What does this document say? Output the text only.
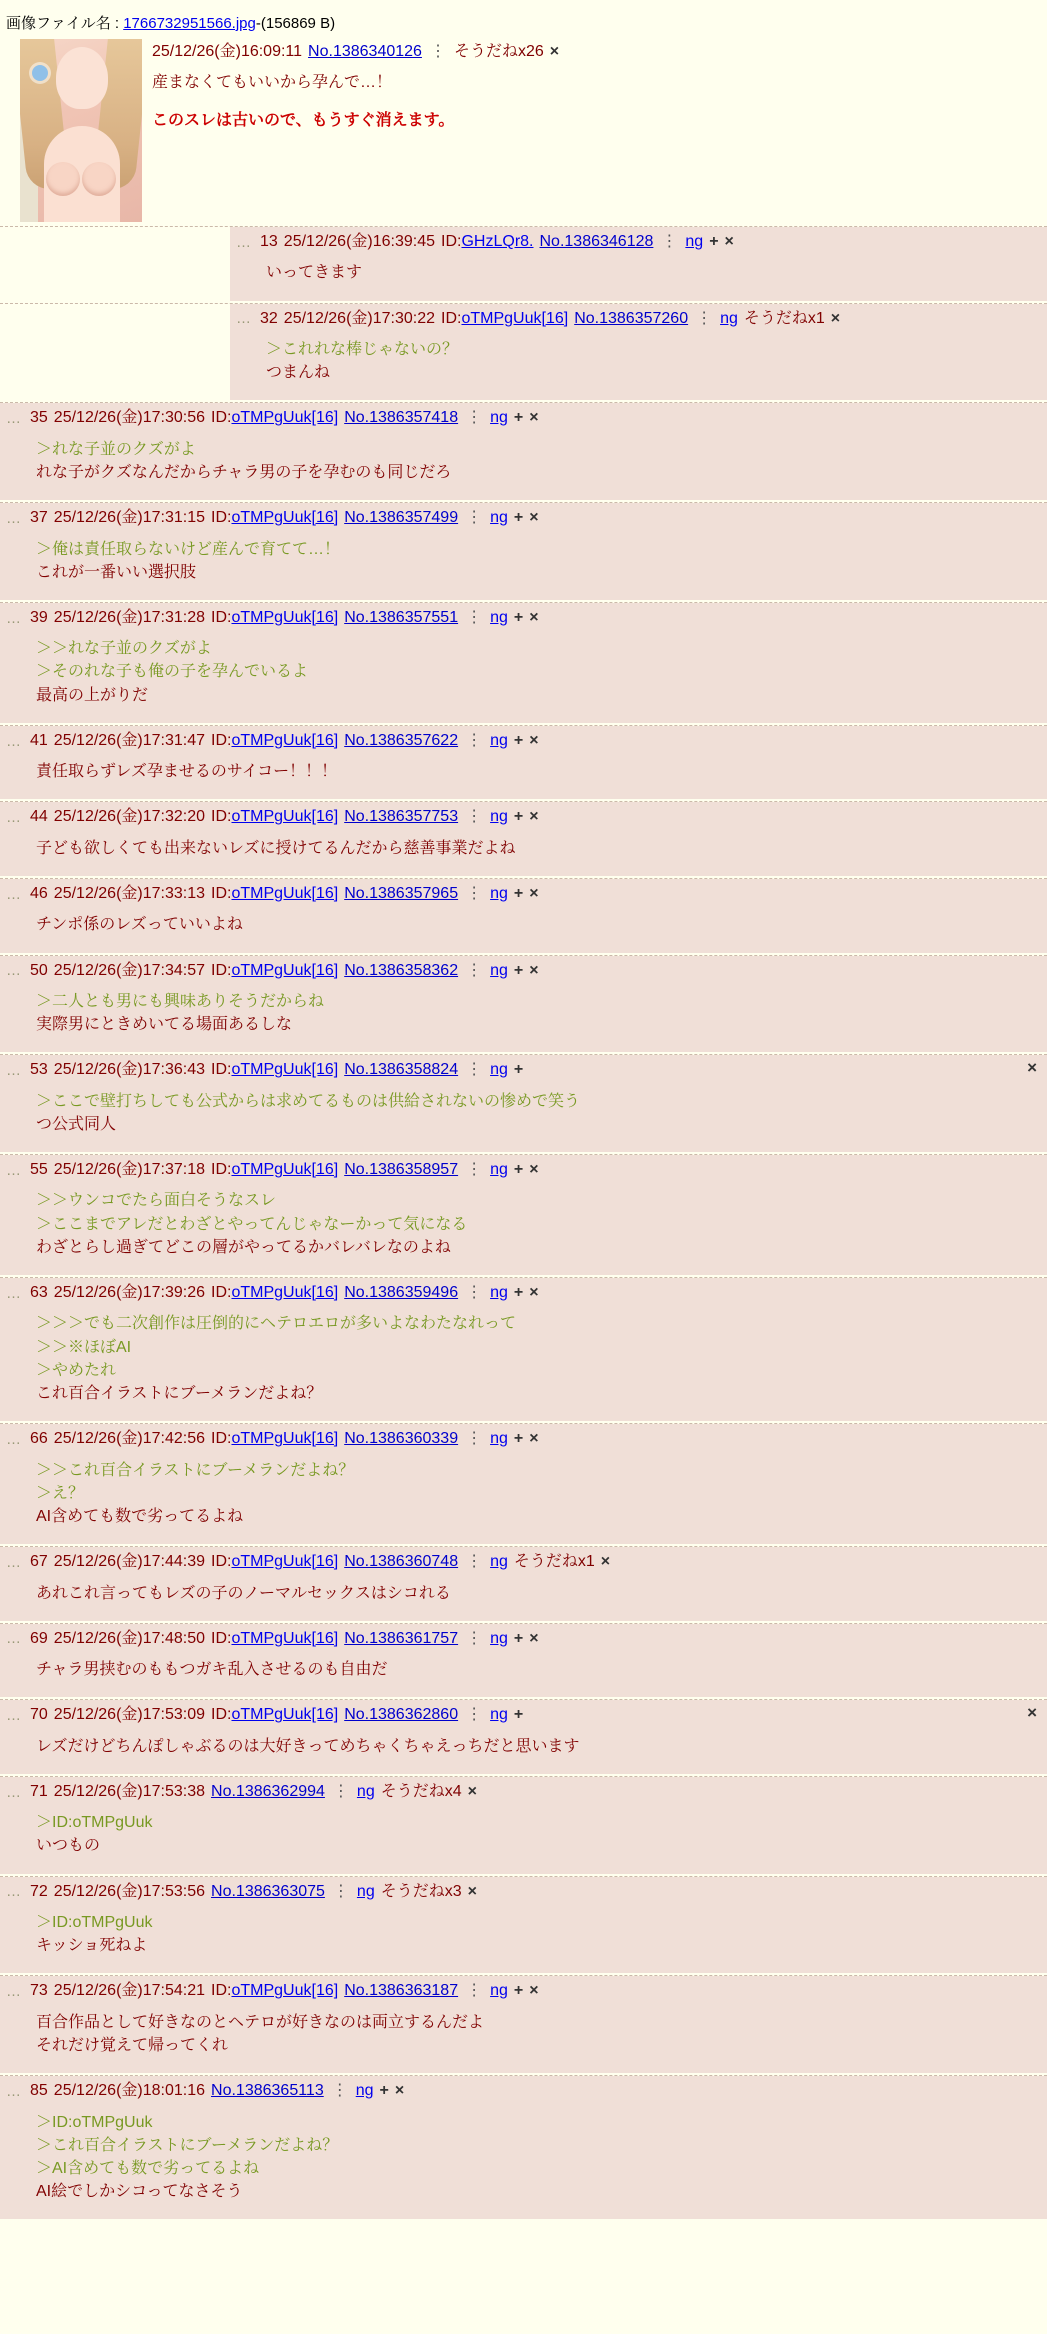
画像ファイル名 : 1766732951566.jpg-(156869 B)
25/12/26(金)16:09:11 No.1386340126 ⋮ そうだねx26 ×
産まなくてもいいから孕んで…！
このスレは古いので、もうすぐ消えます。
… 13 25/12/26(金)16:39:45 ID:GHzLQr8. No.1386346128 ⋮ ng + ×
いってきます
… 32 25/12/26(金)17:30:22 ID:oTMPgUuk[16] No.1386357260 ⋮ ng そうだねx1 ×
＞これれな棒じゃないの？
つまんね
… 35 25/12/26(金)17:30:56 ID:oTMPgUuk[16] No.1386357418 ⋮ ng + ×
＞れな子並のクズがよ
れな子がクズなんだからチャラ男の子を孕むのも同じだろ
… 37 25/12/26(金)17:31:15 ID:oTMPgUuk[16] No.1386357499 ⋮ ng + ×
＞俺は責任取らないけど産んで育てて…！
これが一番いい選択肢
… 39 25/12/26(金)17:31:28 ID:oTMPgUuk[16] No.1386357551 ⋮ ng + ×
＞＞れな子並のクズがよ
＞そのれな子も俺の子を孕んでいるよ
最高の上がりだ
… 41 25/12/26(金)17:31:47 ID:oTMPgUuk[16] No.1386357622 ⋮ ng + ×
責任取らずレズ孕ませるのサイコー！！！
… 44 25/12/26(金)17:32:20 ID:oTMPgUuk[16] No.1386357753 ⋮ ng + ×
子ども欲しくても出来ないレズに授けてるんだから慈善事業だよね
… 46 25/12/26(金)17:33:13 ID:oTMPgUuk[16] No.1386357965 ⋮ ng + ×
チンポ係のレズっていいよね
… 50 25/12/26(金)17:34:57 ID:oTMPgUuk[16] No.1386358362 ⋮ ng + ×
＞二人とも男にも興味ありそうだからね
実際男にときめいてる場面あるしな
×
… 53 25/12/26(金)17:36:43 ID:oTMPgUuk[16] No.1386358824 ⋮ ng +
＞ここで壁打ちしても公式からは求めてるものは供給されないの惨めで笑う
つ公式同人
… 55 25/12/26(金)17:37:18 ID:oTMPgUuk[16] No.1386358957 ⋮ ng + ×
＞＞ウンコでたら面白そうなスレ
＞ここまでアレだとわざとやってんじゃなーかって気になる
わざとらし過ぎてどこの層がやってるかバレバレなのよね
… 63 25/12/26(金)17:39:26 ID:oTMPgUuk[16] No.1386359496 ⋮ ng + ×
＞＞＞でも二次創作は圧倒的にヘテロエロが多いよなわたなれって
＞＞※ほぼAI
＞やめたれ
これ百合イラストにブーメランだよね？
… 66 25/12/26(金)17:42:56 ID:oTMPgUuk[16] No.1386360339 ⋮ ng + ×
＞＞これ百合イラストにブーメランだよね？
＞え？
AI含めても数で劣ってるよね
… 67 25/12/26(金)17:44:39 ID:oTMPgUuk[16] No.1386360748 ⋮ ng そうだねx1 ×
あれこれ言ってもレズの子のノーマルセックスはシコれる
… 69 25/12/26(金)17:48:50 ID:oTMPgUuk[16] No.1386361757 ⋮ ng + ×
チャラ男挟むのももつガキ乱入させるのも自由だ
×
… 70 25/12/26(金)17:53:09 ID:oTMPgUuk[16] No.1386362860 ⋮ ng +
レズだけどちんぽしゃぶるのは大好きってめちゃくちゃえっちだと思います
… 71 25/12/26(金)17:53:38 No.1386362994 ⋮ ng そうだねx4 ×
＞ID:oTMPgUuk
いつもの
… 72 25/12/26(金)17:53:56 No.1386363075 ⋮ ng そうだねx3 ×
＞ID:oTMPgUuk
キッショ死ねよ
… 73 25/12/26(金)17:54:21 ID:oTMPgUuk[16] No.1386363187 ⋮ ng + ×
百合作品として好きなのとヘテロが好きなのは両立するんだよ
それだけ覚えて帰ってくれ
… 85 25/12/26(金)18:01:16 No.1386365113 ⋮ ng + ×
＞ID:oTMPgUuk
＞これ百合イラストにブーメランだよね？
＞AI含めても数で劣ってるよね
AI絵でしかシコってなさそう
